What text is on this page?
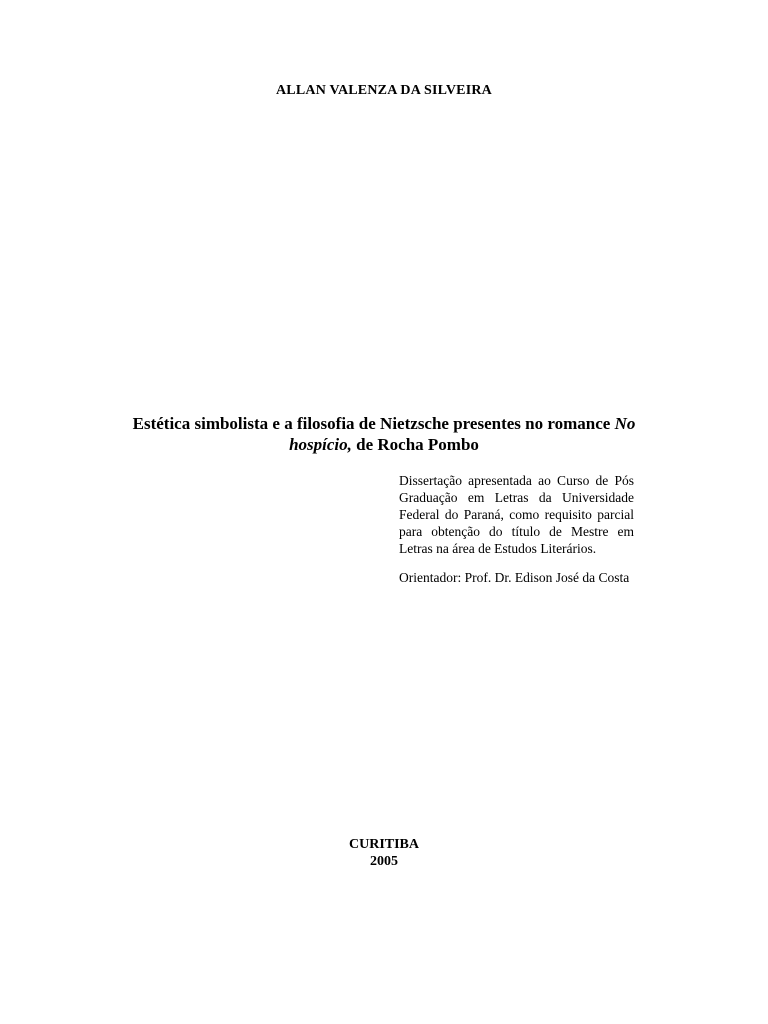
ALLAN VALENZA DA SILVEIRA
Estética simbolista e a filosofia de Nietzsche presentes no romance No hospício, de Rocha Pombo
Dissertação apresentada ao Curso de Pós Graduação em Letras da Universidade Federal do Paraná, como requisito parcial para obtenção do título de Mestre em Letras na área de Estudos Literários.
Orientador: Prof. Dr. Edison José da Costa
CURITIBA
2005
